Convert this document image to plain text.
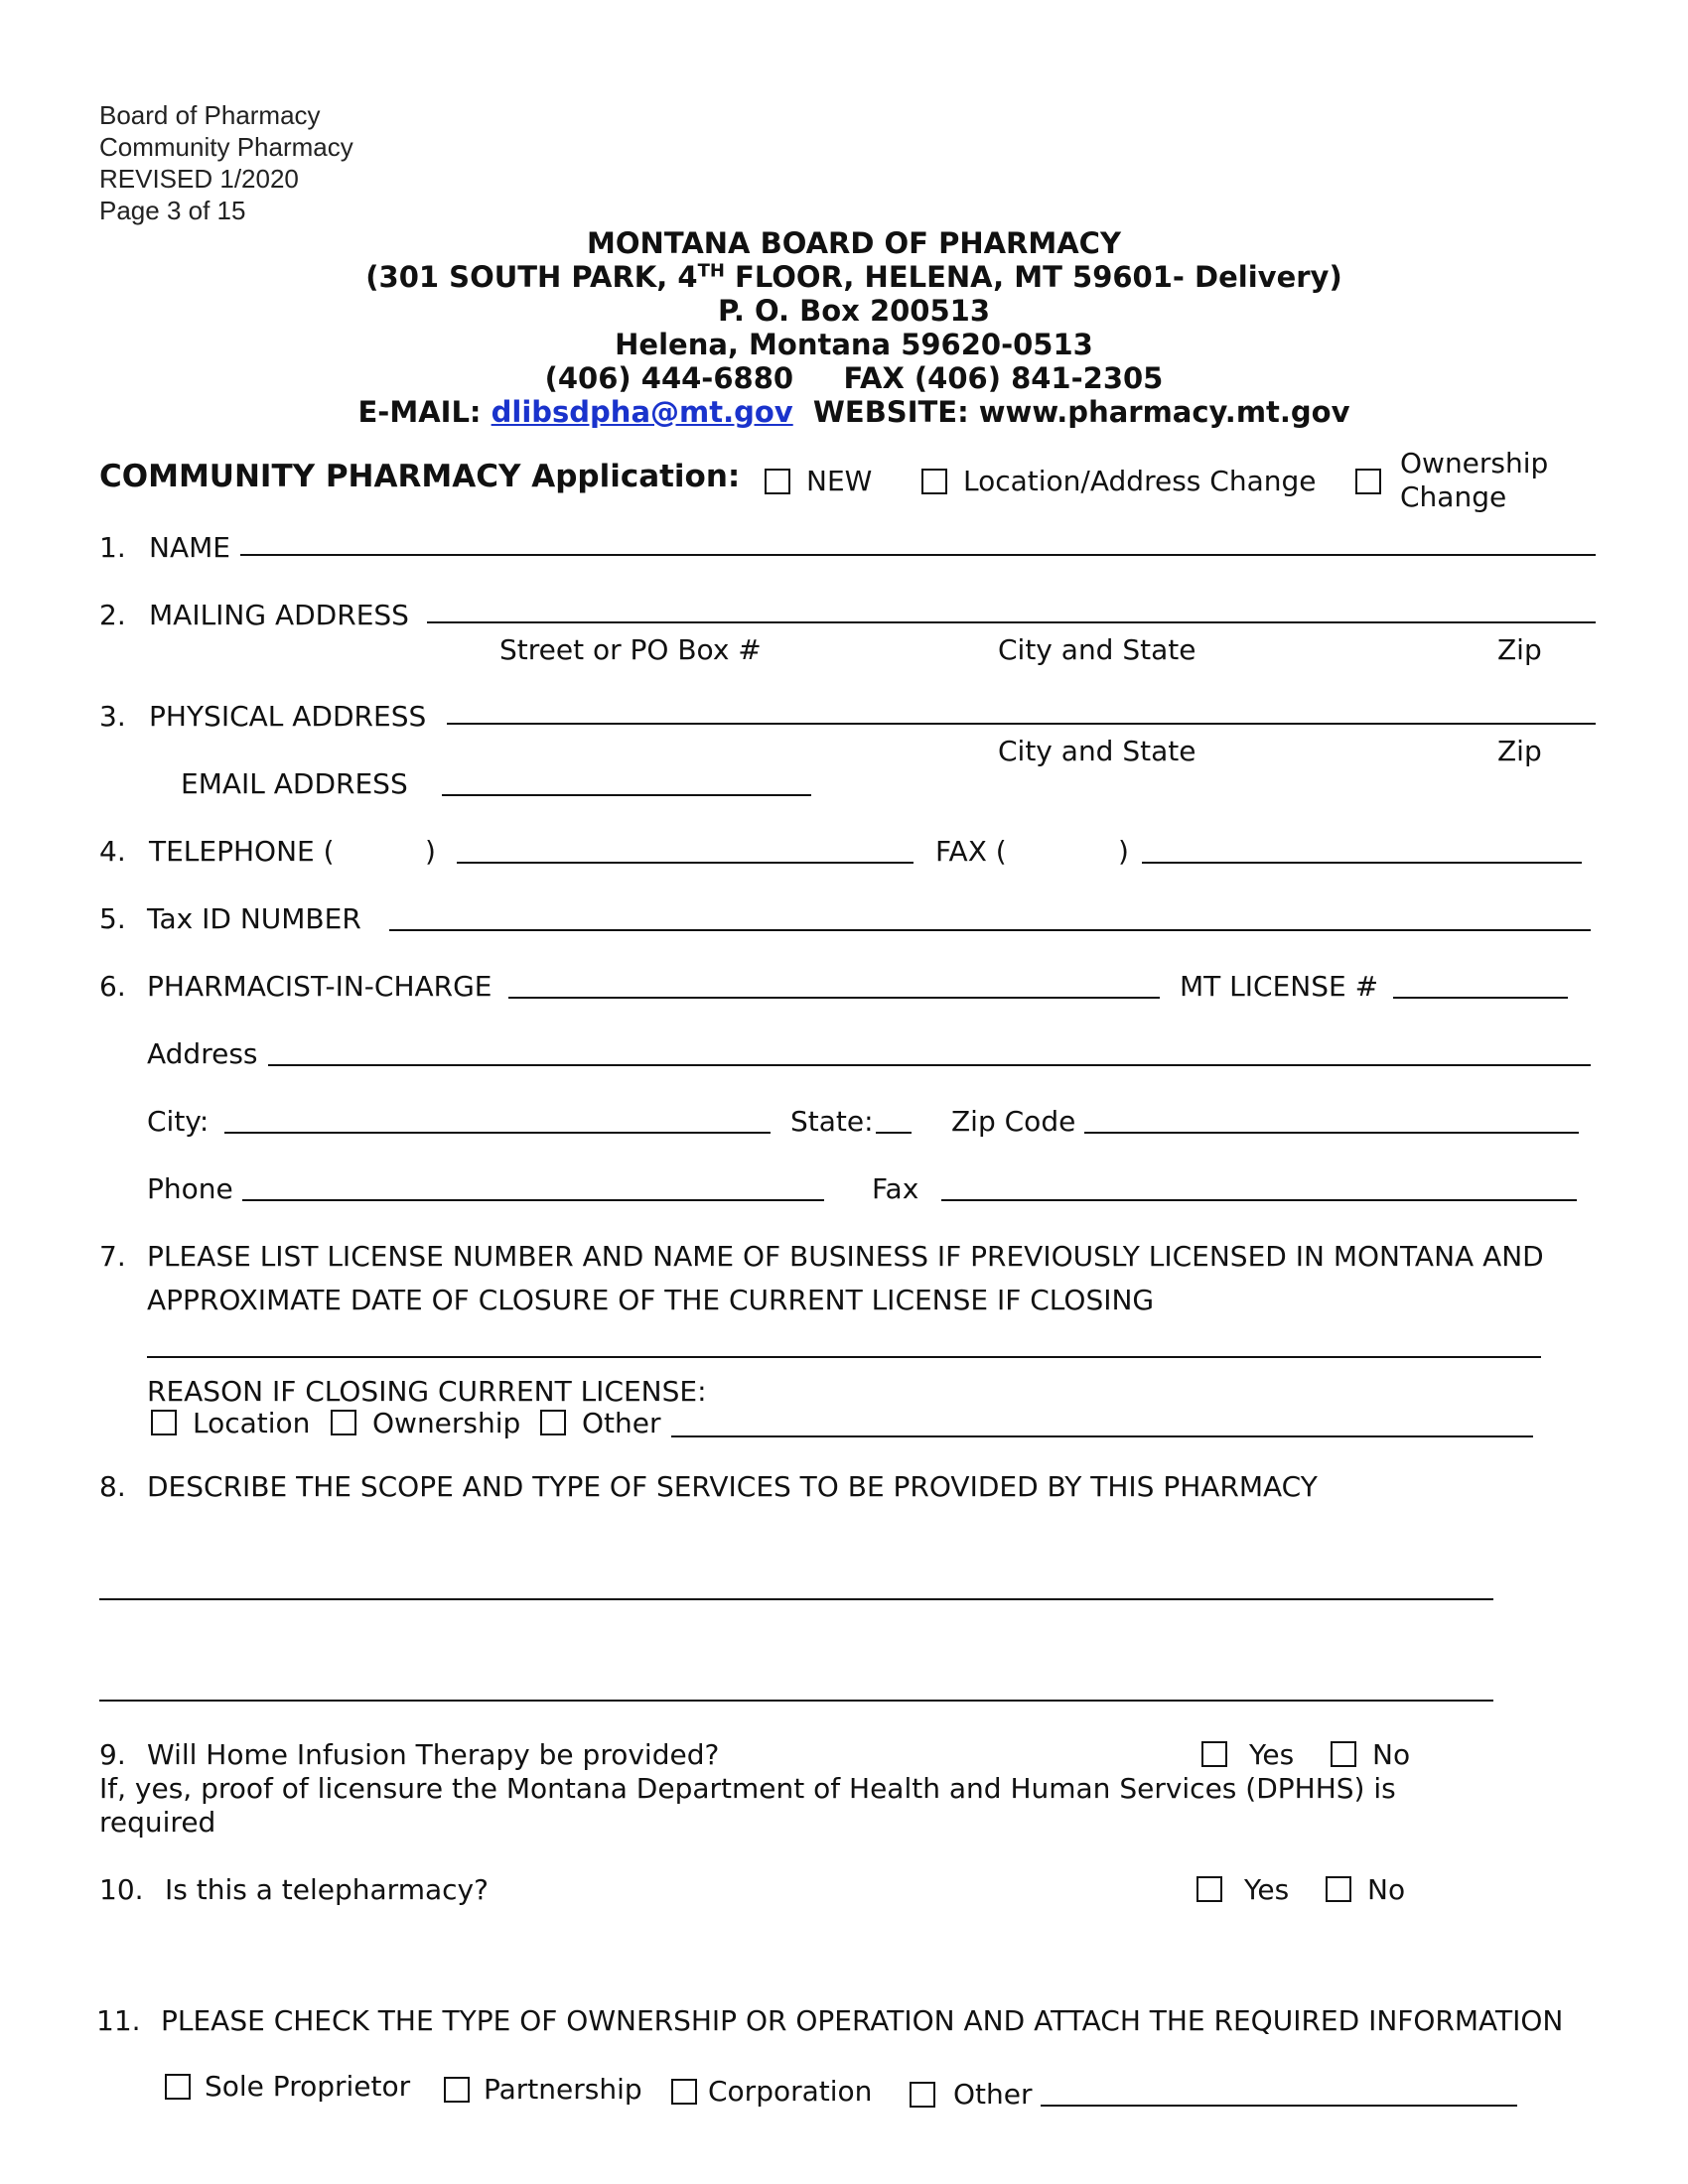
Board of Pharmacy
Community Pharmacy
REVISED 1/2020
Page 3 of 15
MONTANA BOARD OF PHARMACY
(301 SOUTH PARK, 4TH FLOOR, HELENA, MT 59601- Delivery)
P. O. Box 200513
Helena, Montana 59620-0513
(406) 444-6880 FAX (406) 841-2305
E-MAIL: dlibsdpha@mt.gov WEBSITE: www.pharmacy.mt.gov
COMMUNITY PHARMACY Application: NEW	Location/Address Change
Ownership
Change
1. NAME
2. MAILING ADDRESS
Street or PO Box #	City and State	Zip
3. PHYSICAL ADDRESS
City and State	Zip
EMAIL ADDRESS
4. TELEPHONE (	)	FAX (	)
5. Tax ID NUMBER
6. PHARMACIST-IN-CHARGE	MT LICENSE #
Address
City:	State:	Zip Code
Phone	Fax
7. PLEASE LIST LICENSE NUMBER AND NAME OF BUSINESS IF PREVIOUSLY LICENSED IN MONTANA AND
APPROXIMATE DATE OF CLOSURE OF THE CURRENT LICENSE IF CLOSING
REASON IF CLOSING CURRENT LICENSE:
Location Ownership Other
8. DESCRIBE THE SCOPE AND TYPE OF SERVICES TO BE PROVIDED BY THIS PHARMACY
9. Will Home Infusion Therapy be provided?	Yes	No
If, yes, proof of licensure the Montana Department of Health and Human Services (DPHHS) is
required
10. Is this a telepharmacy?	Yes	No
11. PLEASE CHECK THE TYPE OF OWNERSHIP OR OPERATION AND ATTACH THE REQUIRED INFORMATION
Sole Proprietor	Partnership Corporation	Other
